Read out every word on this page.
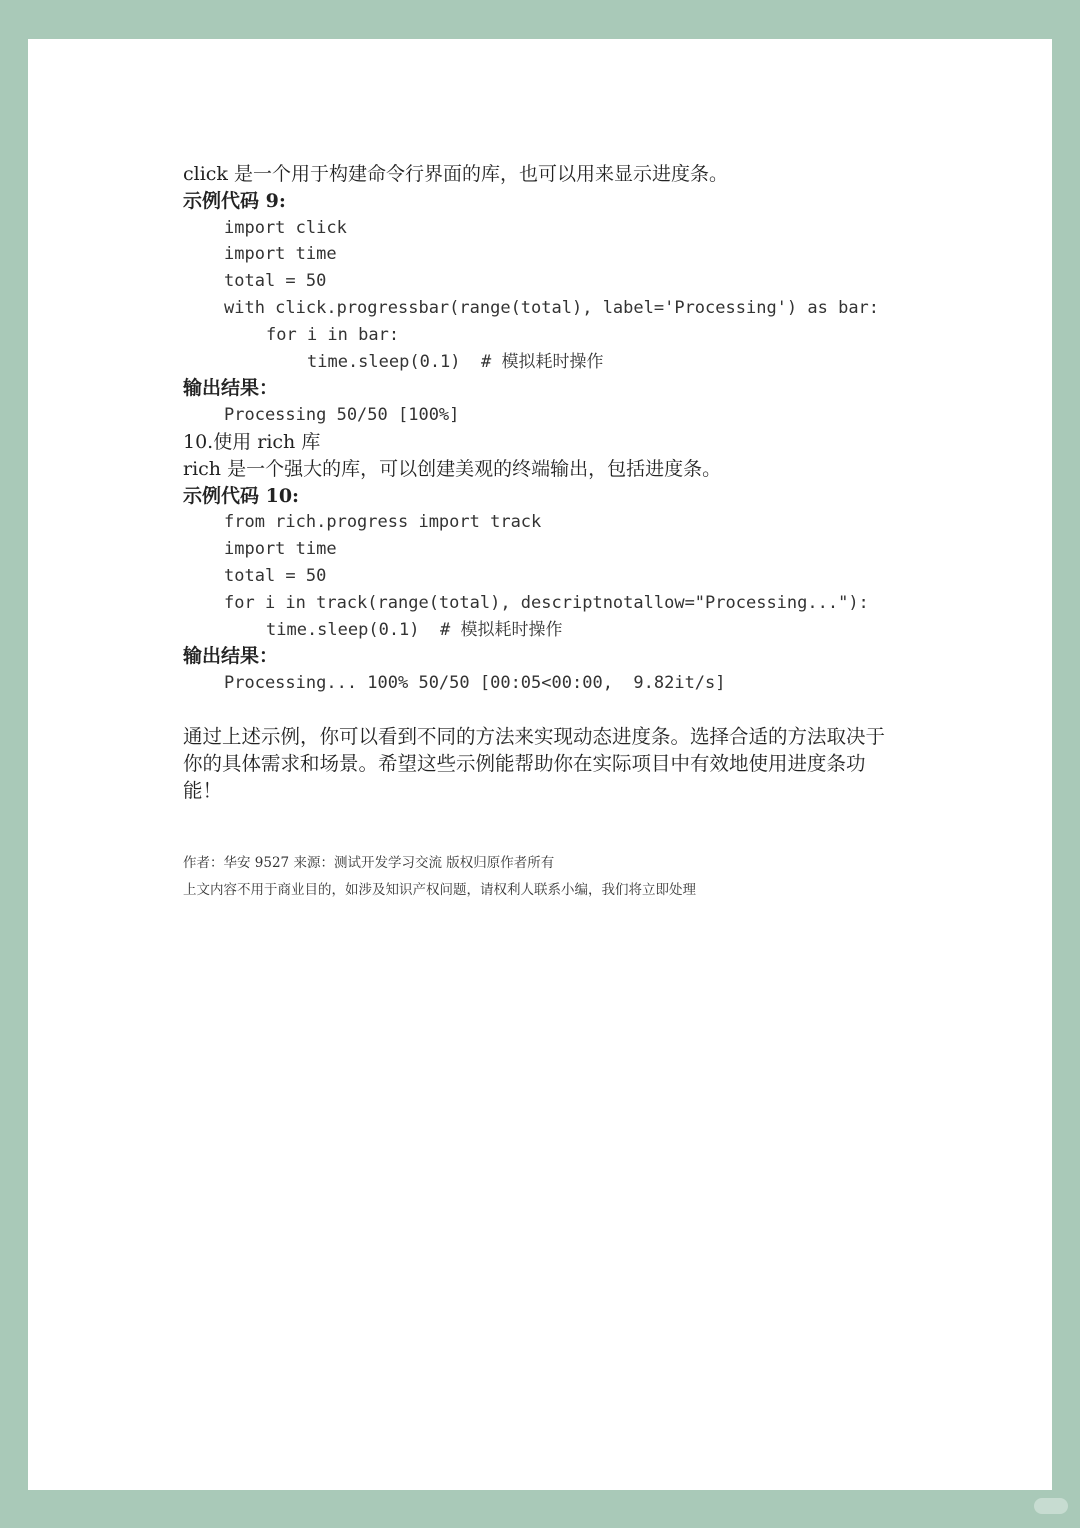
click 是一个用于构建命令行界面的库，也可以用来显示进度条。
示例代码 9:
import click
import time
total = 50
with click.progressbar(range(total), label='Processing') as bar:
for i in bar:
time.sleep(0.1)  # 模拟耗时操作
输出结果：
Processing 50/50 [100%]
10.使用 rich 库
rich 是一个强大的库，可以创建美观的终端输出，包括进度条。
示例代码 10:
from rich.progress import track
import time
total = 50
for i in track(range(total), descriptnotallow="Processing..."):
time.sleep(0.1)  # 模拟耗时操作
输出结果：
Processing... 100% 50/50 [00:05<00:00,  9.82it/s]
通过上述示例，你可以看到不同的方法来实现动态进度条。选择合适的方法取决于你的具体需求和场景。希望这些示例能帮助你在实际项目中有效地使用进度条功能！
作者：华安 9527 来源：测试开发学习交流 版权归原作者所有
上文内容不用于商业目的，如涉及知识产权问题，请权利人联系小编，我们将立即处理
